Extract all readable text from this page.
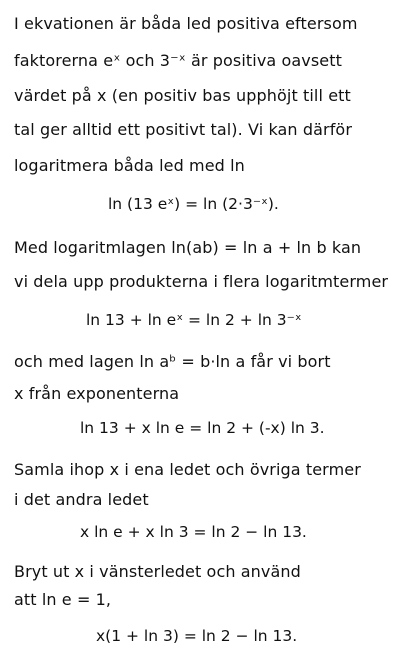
I ekvationen är båda led positiva eftersom
faktorerna eˣ och 3⁻ˣ är positiva oavsett
värdet på x (en positiv bas upphöjt till ett
tal ger alltid ett positivt tal). Vi kan därför
logaritmera båda led med ln
ln (13 eˣ) = ln (2·3⁻ˣ).
Med logaritmlagen ln(ab) = ln a + ln b kan
vi dela upp produkterna i flera logaritmtermer
ln 13 + ln eˣ = ln 2 + ln 3⁻ˣ
och med lagen ln aᵇ = b·ln a får vi bort
x från exponenterna
ln 13 + x ln e = ln 2 + (-x) ln 3.
Samla ihop x i ena ledet och övriga termer
i det andra ledet
x ln e + x ln 3 = ln 2 − ln 13.
Bryt ut x i vänsterledet och använd
att ln e = 1,
x(1 + ln 3) = ln 2 − ln 13.
